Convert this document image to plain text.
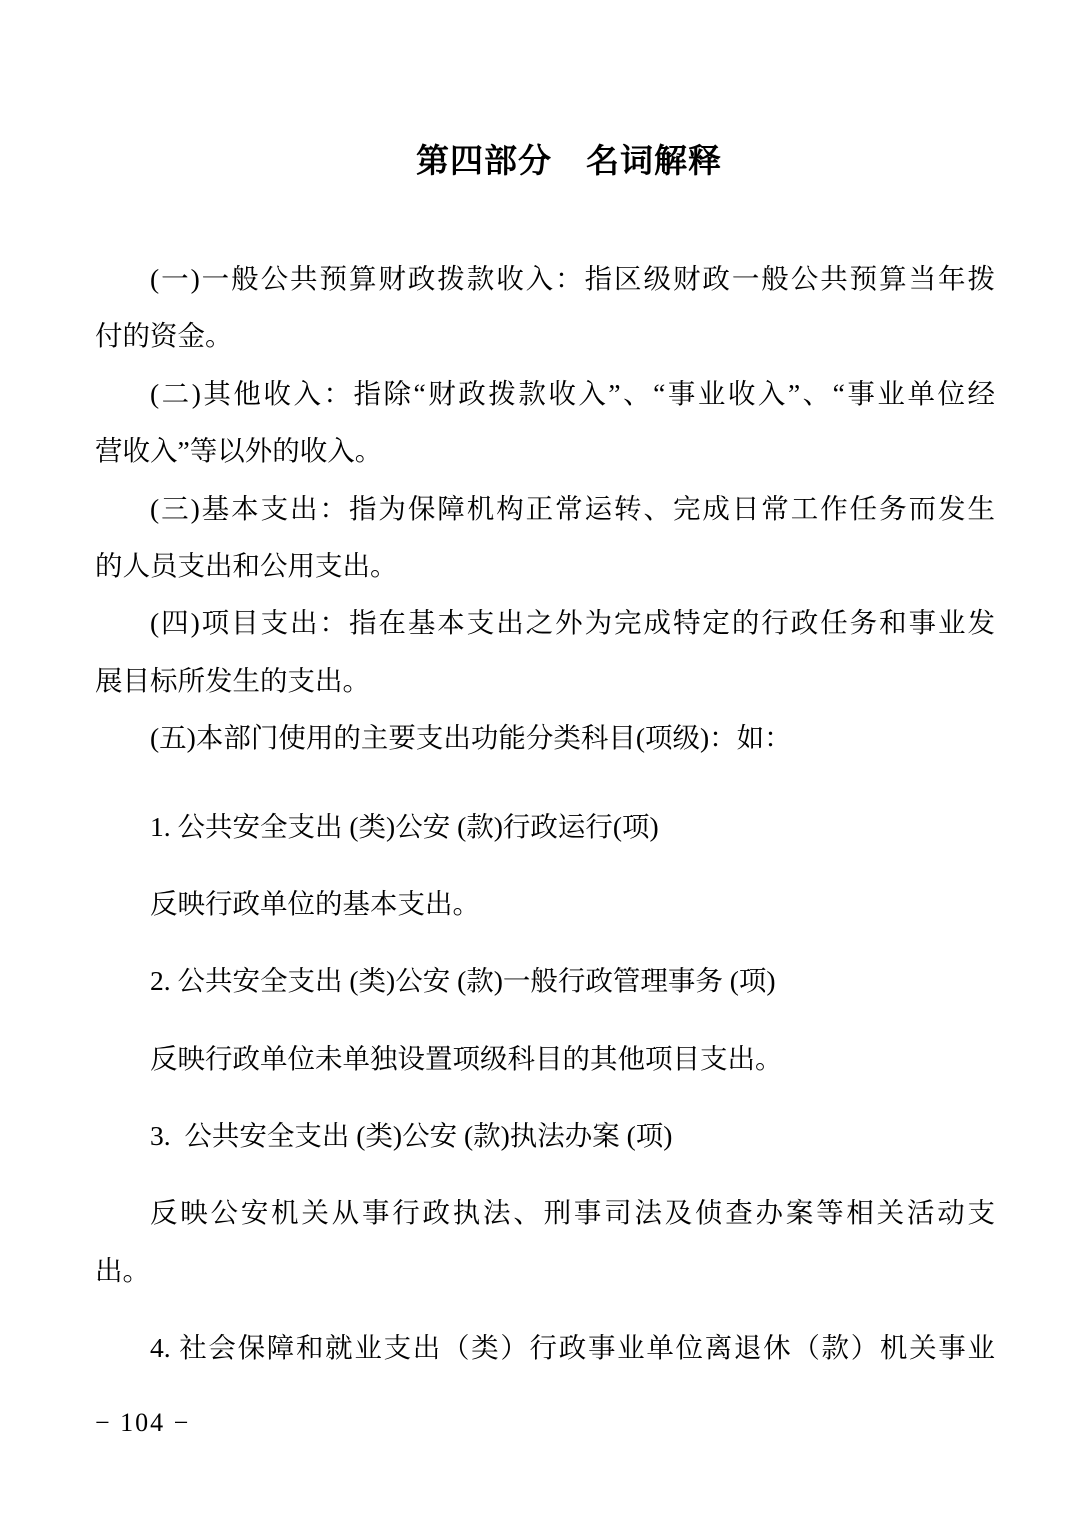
第四部分　名词解释
(一)一般公共预算财政拨款收入：指区级财政一般公共预算当年拨
付的资金。
(二)其他收入：指除“财政拨款收入”、“事业收入”、“事业单位经
营收入”等以外的收入。
(三)基本支出：指为保障机构正常运转、完成日常工作任务而发生
的人员支出和公用支出。
(四)项目支出：指在基本支出之外为完成特定的行政任务和事业发
展目标所发生的支出。
(五)本部门使用的主要支出功能分类科目(项级)：如：
1. 公共安全支出 (类)公安 (款)行政运行(项)
反映行政单位的基本支出。
2. 公共安全支出 (类)公安 (款)一般行政管理事务 (项)
反映行政单位未单独设置项级科目的其他项目支出。
3.  公共安全支出 (类)公安 (款)执法办案 (项)
反映公安机关从事行政执法、刑事司法及侦查办案等相关活动支
出。
4. 社会保障和就业支出（类）行政事业单位离退休（款）机关事业
− 104 −
